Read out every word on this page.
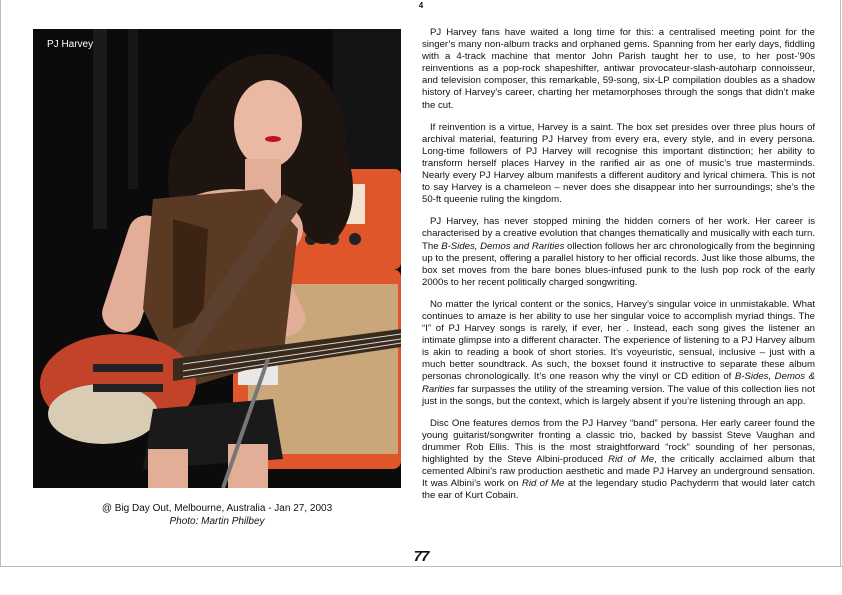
4
PJ Harvey
@ Big Day Out, Melbourne, Australia - Jan 27, 2003
Photo: Martin Philbey

PJ Harvey fans have waited a long time for this: a centralised meeting point for the singer’s many non-album tracks and orphaned gems. Spanning from her early days, fiddling with a 4-track machine that mentor John Parish taught her to use, to her post-’90s reinventions as a pop-rock shapeshifter, antiwar provocateur-slash-autoharp connoisseur, and television composer, this remarkable, 59-song, six-LP compilation doubles as a shadow history of Harvey’s career, charting her metamorphoses through the songs that didn’t make the cut.

If reinvention is a virtue, Harvey is a saint. The box set presides over three plus hours of archival material, featuring PJ Harvey from every era, every style, and in every persona. Long-time followers of PJ Harvey will recognise this important distinction; her ability to transform herself places Harvey in the rarified air as one of music’s true masterminds. Nearly every PJ Harvey album manifests a different auditory and lyrical chimera. This is not to say Harvey is a chameleon – never does she disappear into her surroundings; she’s the 50-ft queenie ruling the kingdom.

PJ Harvey, has never stopped mining the hidden corners of her work. Her career is characterised by a creative evolution that changes thematically and musically with each turn. The B-Sides, Demos and Rarities ollection follows her arc chronologically from the beginning up to the present, offering a parallel history to her official records. Just like those albums, the box set moves from the bare bones blues-infused punk to the lush pop rock of the early 2000s to her recent politically charged songwriting.

No matter the lyrical content or the sonics, Harvey’s singular voice in unmistakable. What continues to amaze is her ability to use her singular voice to accomplish myriad things. The “I” of PJ Harvey songs is rarely, if ever, her . Instead, each song gives the listener an intimate glimpse into a different character. The experience of listening to a PJ Harvey album is akin to reading a book of short stories. It’s voyeuristic, sensual, inclusive – just with a much better soundtrack. As such, the boxset found it instructive to separate these album personas chronologically. It’s one reason why the vinyl or CD edition of B-Sides, Demos & Rarities far surpasses the utility of the streaming version. The value of this collection lies not just in the songs, but the context, which is largely absent if you’re listening through an app.

Disc One features demos from the PJ Harvey “band” persona. Her early career found the young guitarist/songwriter fronting a classic trio, backed by bassist Steve Vaughan and drummer Rob Ellis. This is the most straightforward “rock” sounding of her personas, highlighted by the Steve Albini-produced Rid of Me, the critically acclaimed album that cemented Albini’s raw production aesthetic and made PJ Harvey an underground sensation. It was Albini’s work on Rid of Me at the legendary studio Pachyderm that would later catch the ear of Kurt Cobain.

77
